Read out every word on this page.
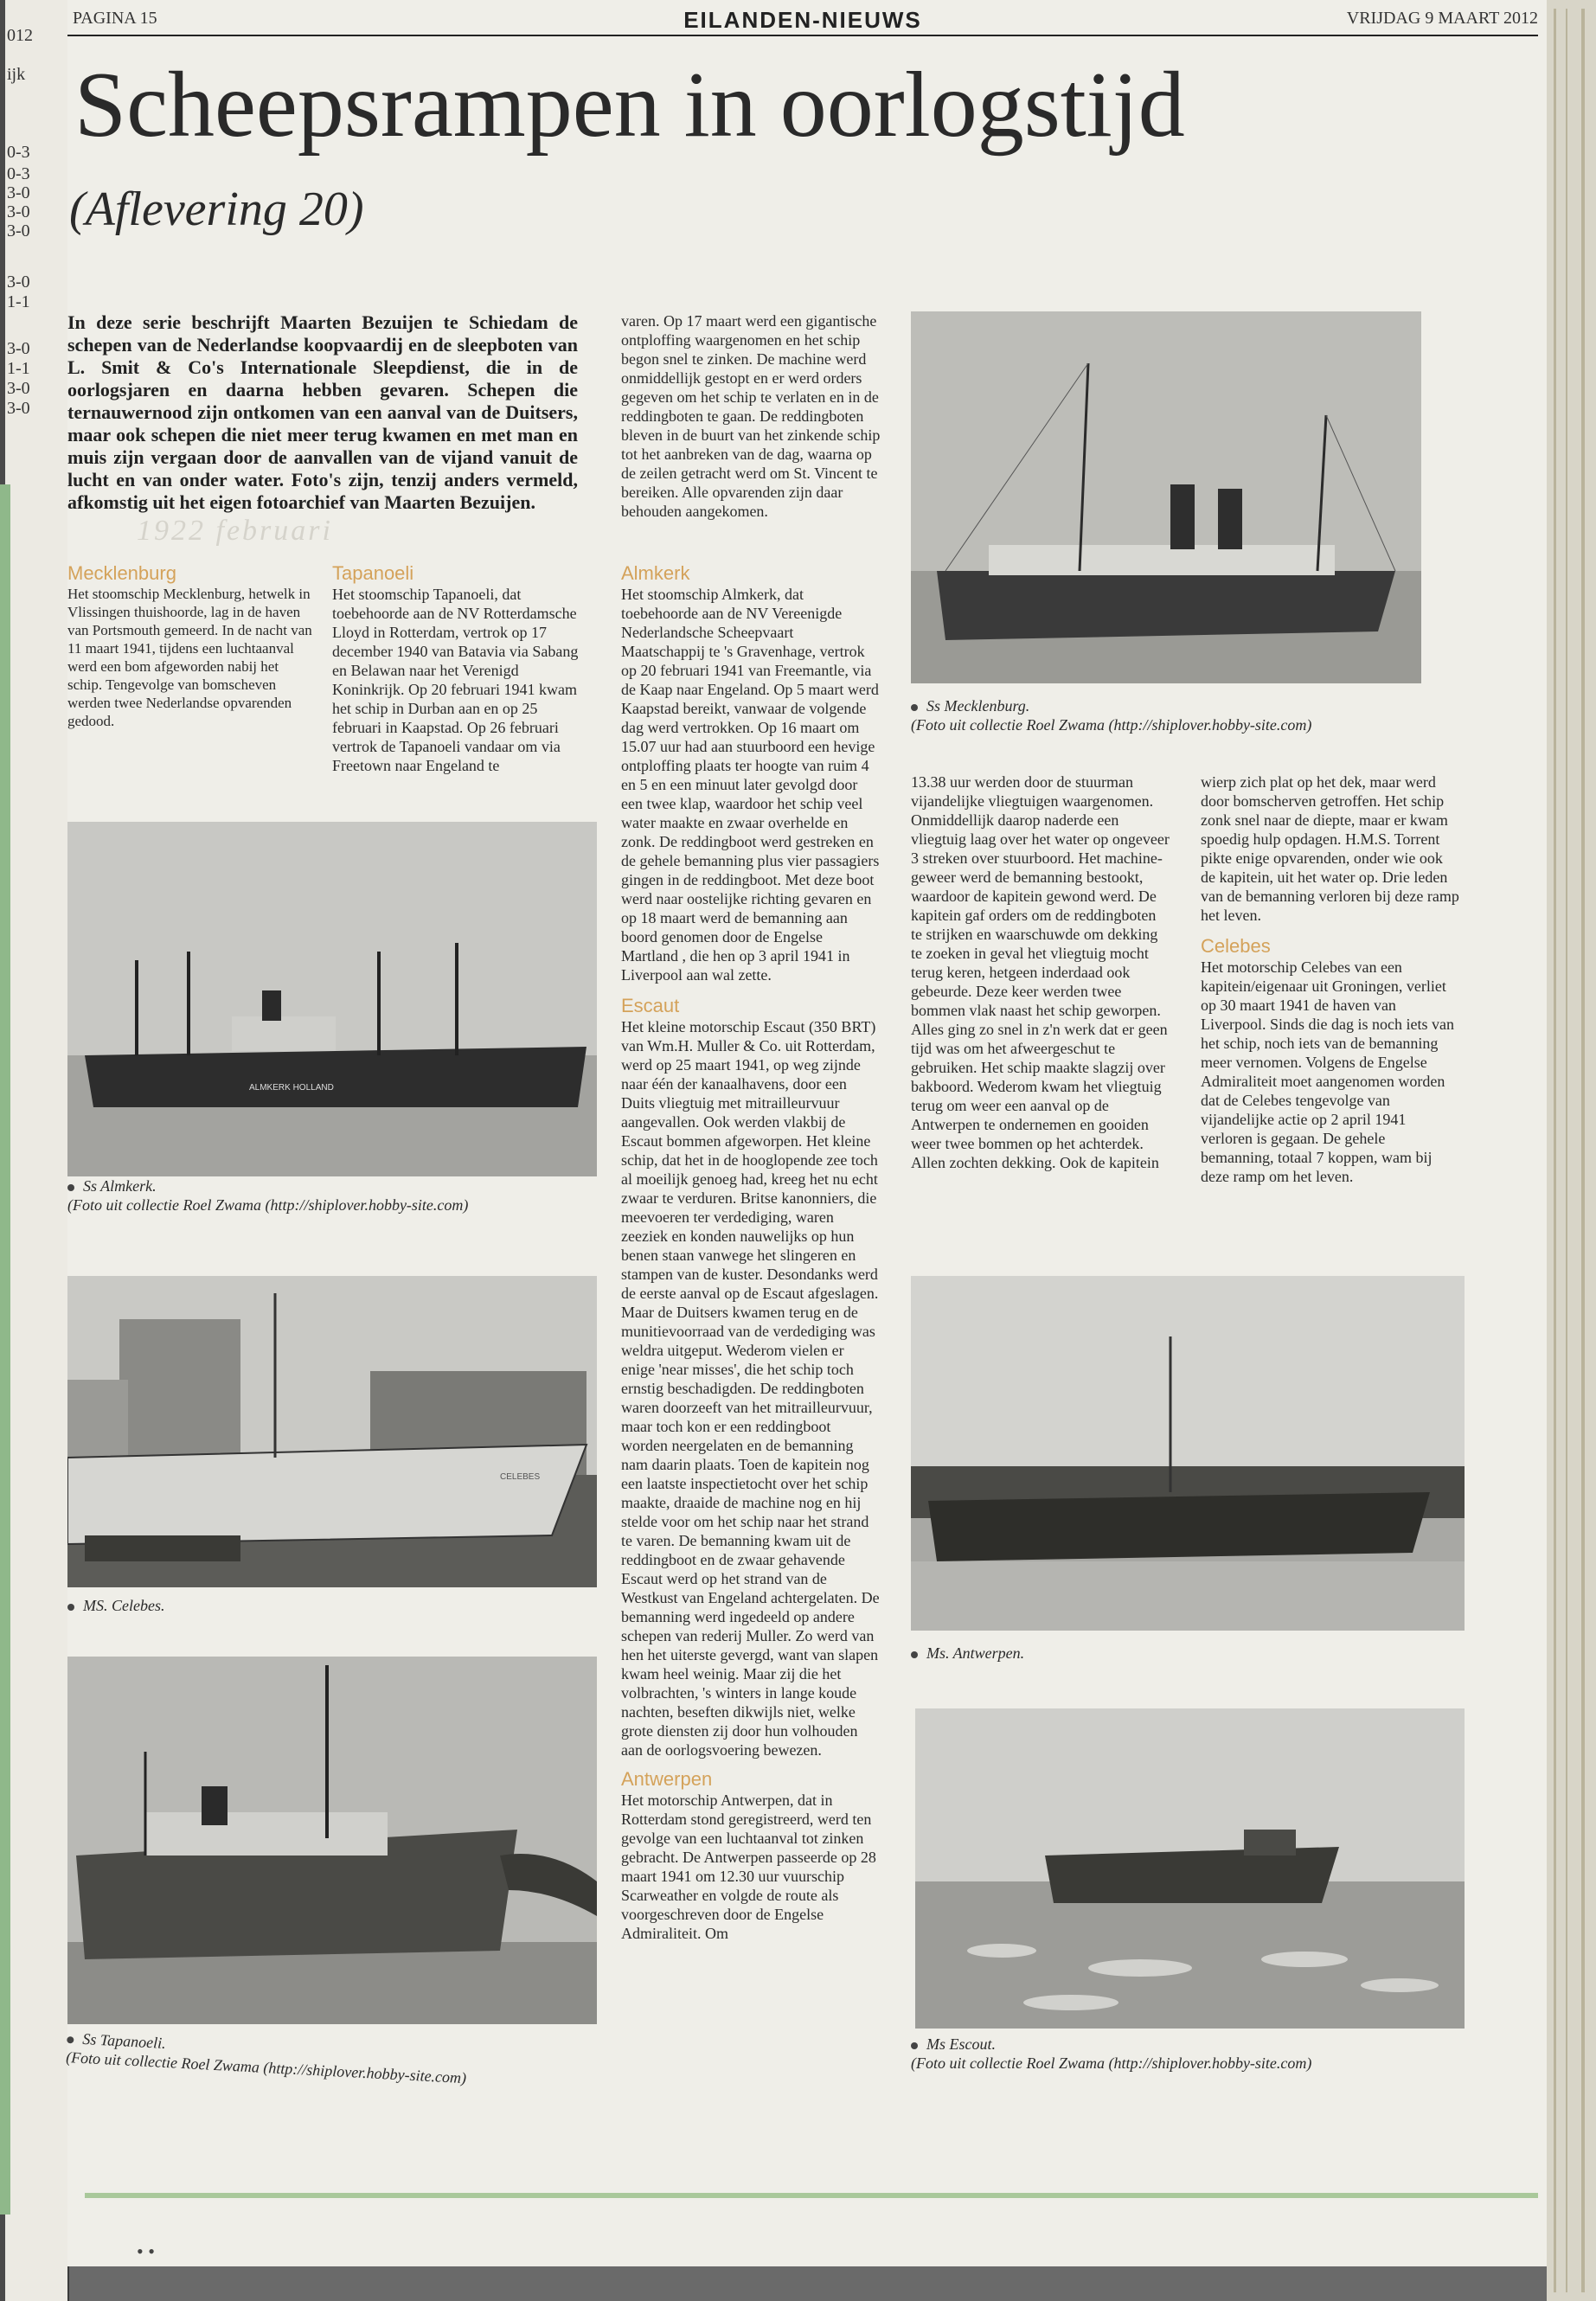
012
ijk
0-3
0-3
3-0
3-0
3-0
3-0
1-1
3-0
1-1
3-0
3-0
PAGINA 15	EILANDEN-NIEUWS	VRIJDAG 9 MAART 2012
Scheepsrampen in oorlogstijd
(Aflevering 20)
In deze serie beschrijft Maarten Bezuijen te Schiedam de schepen van de Nederlandse koopvaardij en de sleepboten van L. Smit & Co's Internationale Sleepdienst, die in de oorlogsjaren en daarna hebben gevaren. Schepen die ternauwernood zijn ontkomen van een aanval van de Duitsers, maar ook schepen die niet meer terug kwamen en met man en muis zijn vergaan door de aanvallen van de vijand vanuit de lucht en van onder water. Foto's zijn, tenzij anders vermeld, afkomstig uit het eigen fotoarchief van Maarten Bezuijen.
1922 februari

Mecklenburg

Het stoomschip Mecklenburg, hetwelk in Vlissingen thuishoorde, lag in de haven van Portsmouth gemeerd. In de nacht van 11 maart 1941, tijdens een luchtaanval werd een bom afgeworden nabij het schip. Tengevolge van bomscheven werden twee Nederlandse opvarenden gedood.

Tapanoeli

Het stoomschip Tapanoeli, dat toebehoorde aan de NV Rotterdamsche Lloyd in Rotterdam, vertrok op 17 december 1940 van Batavia via Sabang en Belawan naar het Verenigd Koninkrijk. Op 20 februari 1941 kwam het schip in Durban aan en op 25 februari in Kaapstad. Op 26 februari vertrok de Tapanoeli vandaar om via Freetown naar Engeland te

varen. Op 17 maart werd een gigantische ontploffing waargenomen en het schip begon snel te zinken. De machine werd onmiddellijk gestopt en er werd orders gegeven om het schip te verlaten en in de reddingboten te gaan. De reddingboten bleven in de buurt van het zinkende schip tot het aanbreken van de dag, waarna op de zeilen getracht werd om St. Vincent te bereiken. Alle opvarenden zijn daar behouden aangekomen.

Almkerk

Het stoomschip Almkerk, dat toebehoorde aan de NV Vereenigde Nederlandsche Scheepvaart Maatschappij te 's Gravenhage, vertrok op 20 februari 1941 van Freemantle, via de Kaap naar Engeland. Op 5 maart werd Kaapstad bereikt, vanwaar de volgende dag werd vertrokken. Op 16 maart om 15.07 uur had aan stuurboord een hevige ontploffing plaats ter hoogte van ruim 4 en 5 en een minuut later gevolgd door een twee klap, waardoor het schip veel water maakte en zwaar overhelde en zonk. De reddingboot werd gestreken en de gehele bemanning plus vier passagiers gingen in de reddingboot. Met deze boot werd naar oostelijke richting gevaren en op 18 maart werd de bemanning aan boord genomen door de Engelse Martland , die hen op 3 april 1941 in Liverpool aan wal zette.

Escaut

Het kleine motorschip Escaut (350 BRT) van Wm.H. Muller & Co. uit Rotterdam, werd op 25 maart 1941, op weg zijnde naar één der kanaalhavens, door een Duits vliegtuig met mitrailleurvuur aangevallen. Ook werden vlakbij de Escaut bommen afgeworpen. Het kleine schip, dat het in de hooglopende zee toch al moeilijk genoeg had, kreeg het nu echt zwaar te verduren. Britse kanonniers, die meevoeren ter verdediging, waren zeeziek en konden nauwelijks op hun benen staan vanwege het slingeren en stampen van de kuster. Desondanks werd de eerste aanval op de Escaut afgeslagen. Maar de Duitsers kwamen terug en de munitievoorraad van de verdediging was weldra uitgeput. Wederom vielen er enige 'near misses', die het schip toch ernstig beschadigden. De reddingboten waren doorzeeft van het mitrailleurvuur, maar toch kon er een reddingboot worden neergelaten en de bemanning nam daarin plaats. Toen de kapitein nog een laatste inspectietocht over het schip maakte, draaide de machine nog en hij stelde voor om het schip naar het strand te varen. De bemanning kwam uit de reddingboot en de zwaar gehavende Escaut werd op het strand van de Westkust van Engeland achtergelaten. De bemanning werd ingedeeld op andere schepen van rederij Muller. Zo werd van hen het uiterste gevergd, want van slapen kwam heel weinig. Maar zij die het volbrachten, 's winters in lange koude nachten, beseften dikwijls niet, welke grote diensten zij door hun volhouden aan de oorlogsvoering bewezen.

Antwerpen

Het motorschip Antwerpen, dat in Rotterdam stond geregistreerd, werd ten gevolge van een luchtaanval tot zinken gebracht. De Antwerpen passeerde op 28 maart 1941 om 12.30 uur vuurschip Scarweather en volgde de route als voorgeschreven door de Engelse Admiraliteit. Om

13.38 uur werden door de stuurman vijandelijke vliegtuigen waargenomen. Onmiddellijk daarop naderde een vliegtuig laag over het water op ongeveer 3 streken over stuurboord. Het machine-geweer werd de bemanning bestookt, waardoor de kapitein gewond werd. De kapitein gaf orders om de reddingboten te strijken en waarschuwde om dekking te zoeken in geval het vliegtuig mocht terug keren, hetgeen inderdaad ook gebeurde. Deze keer werden twee bommen vlak naast het schip geworpen. Alles ging zo snel in z'n werk dat er geen tijd was om het afweergeschut te gebruiken. Het schip maakte slagzij over bakboord. Wederom kwam het vliegtuig terug om weer een aanval op de Antwerpen te ondernemen en gooiden weer twee bommen op het achterdek. Allen zochten dekking. Ook de kapitein

wierp zich plat op het dek, maar werd door bomscherven getroffen. Het schip zonk snel naar de diepte, maar er kwam spoedig hulp opdagen. H.M.S. Torrent pikte enige opvarenden, onder wie ook de kapitein, uit het water op. Drie leden van de bemanning verloren bij deze ramp het leven.

Celebes

Het motorschip Celebes van een kapitein/eigenaar uit Groningen, verliet op 30 maart 1941 de haven van Liverpool. Sinds die dag is noch iets van het schip, noch iets van de bemanning meer vernomen. Volgens de Engelse Admiraliteit moet aangenomen worden dat de Celebes tengevolge van vijandelijke actie op 2 april 1941 verloren is gegaan. De gehele bemanning, totaal 7 koppen, wam bij deze ramp om het leven.

Ss Mecklenburg.
(Foto uit collectie Roel Zwama (http://shiplover.hobby-site.com)
ALMKERK HOLLAND
Ss Almkerk.
(Foto uit collectie Roel Zwama (http://shiplover.hobby-site.com)
CELEBES
MS. Celebes.
Ss Tapanoeli.
(Foto uit collectie Roel Zwama (http://shiplover.hobby-site.com)
Ms. Antwerpen.
Ms Escout.
(Foto uit collectie Roel Zwama (http://shiplover.hobby-site.com)
• •
